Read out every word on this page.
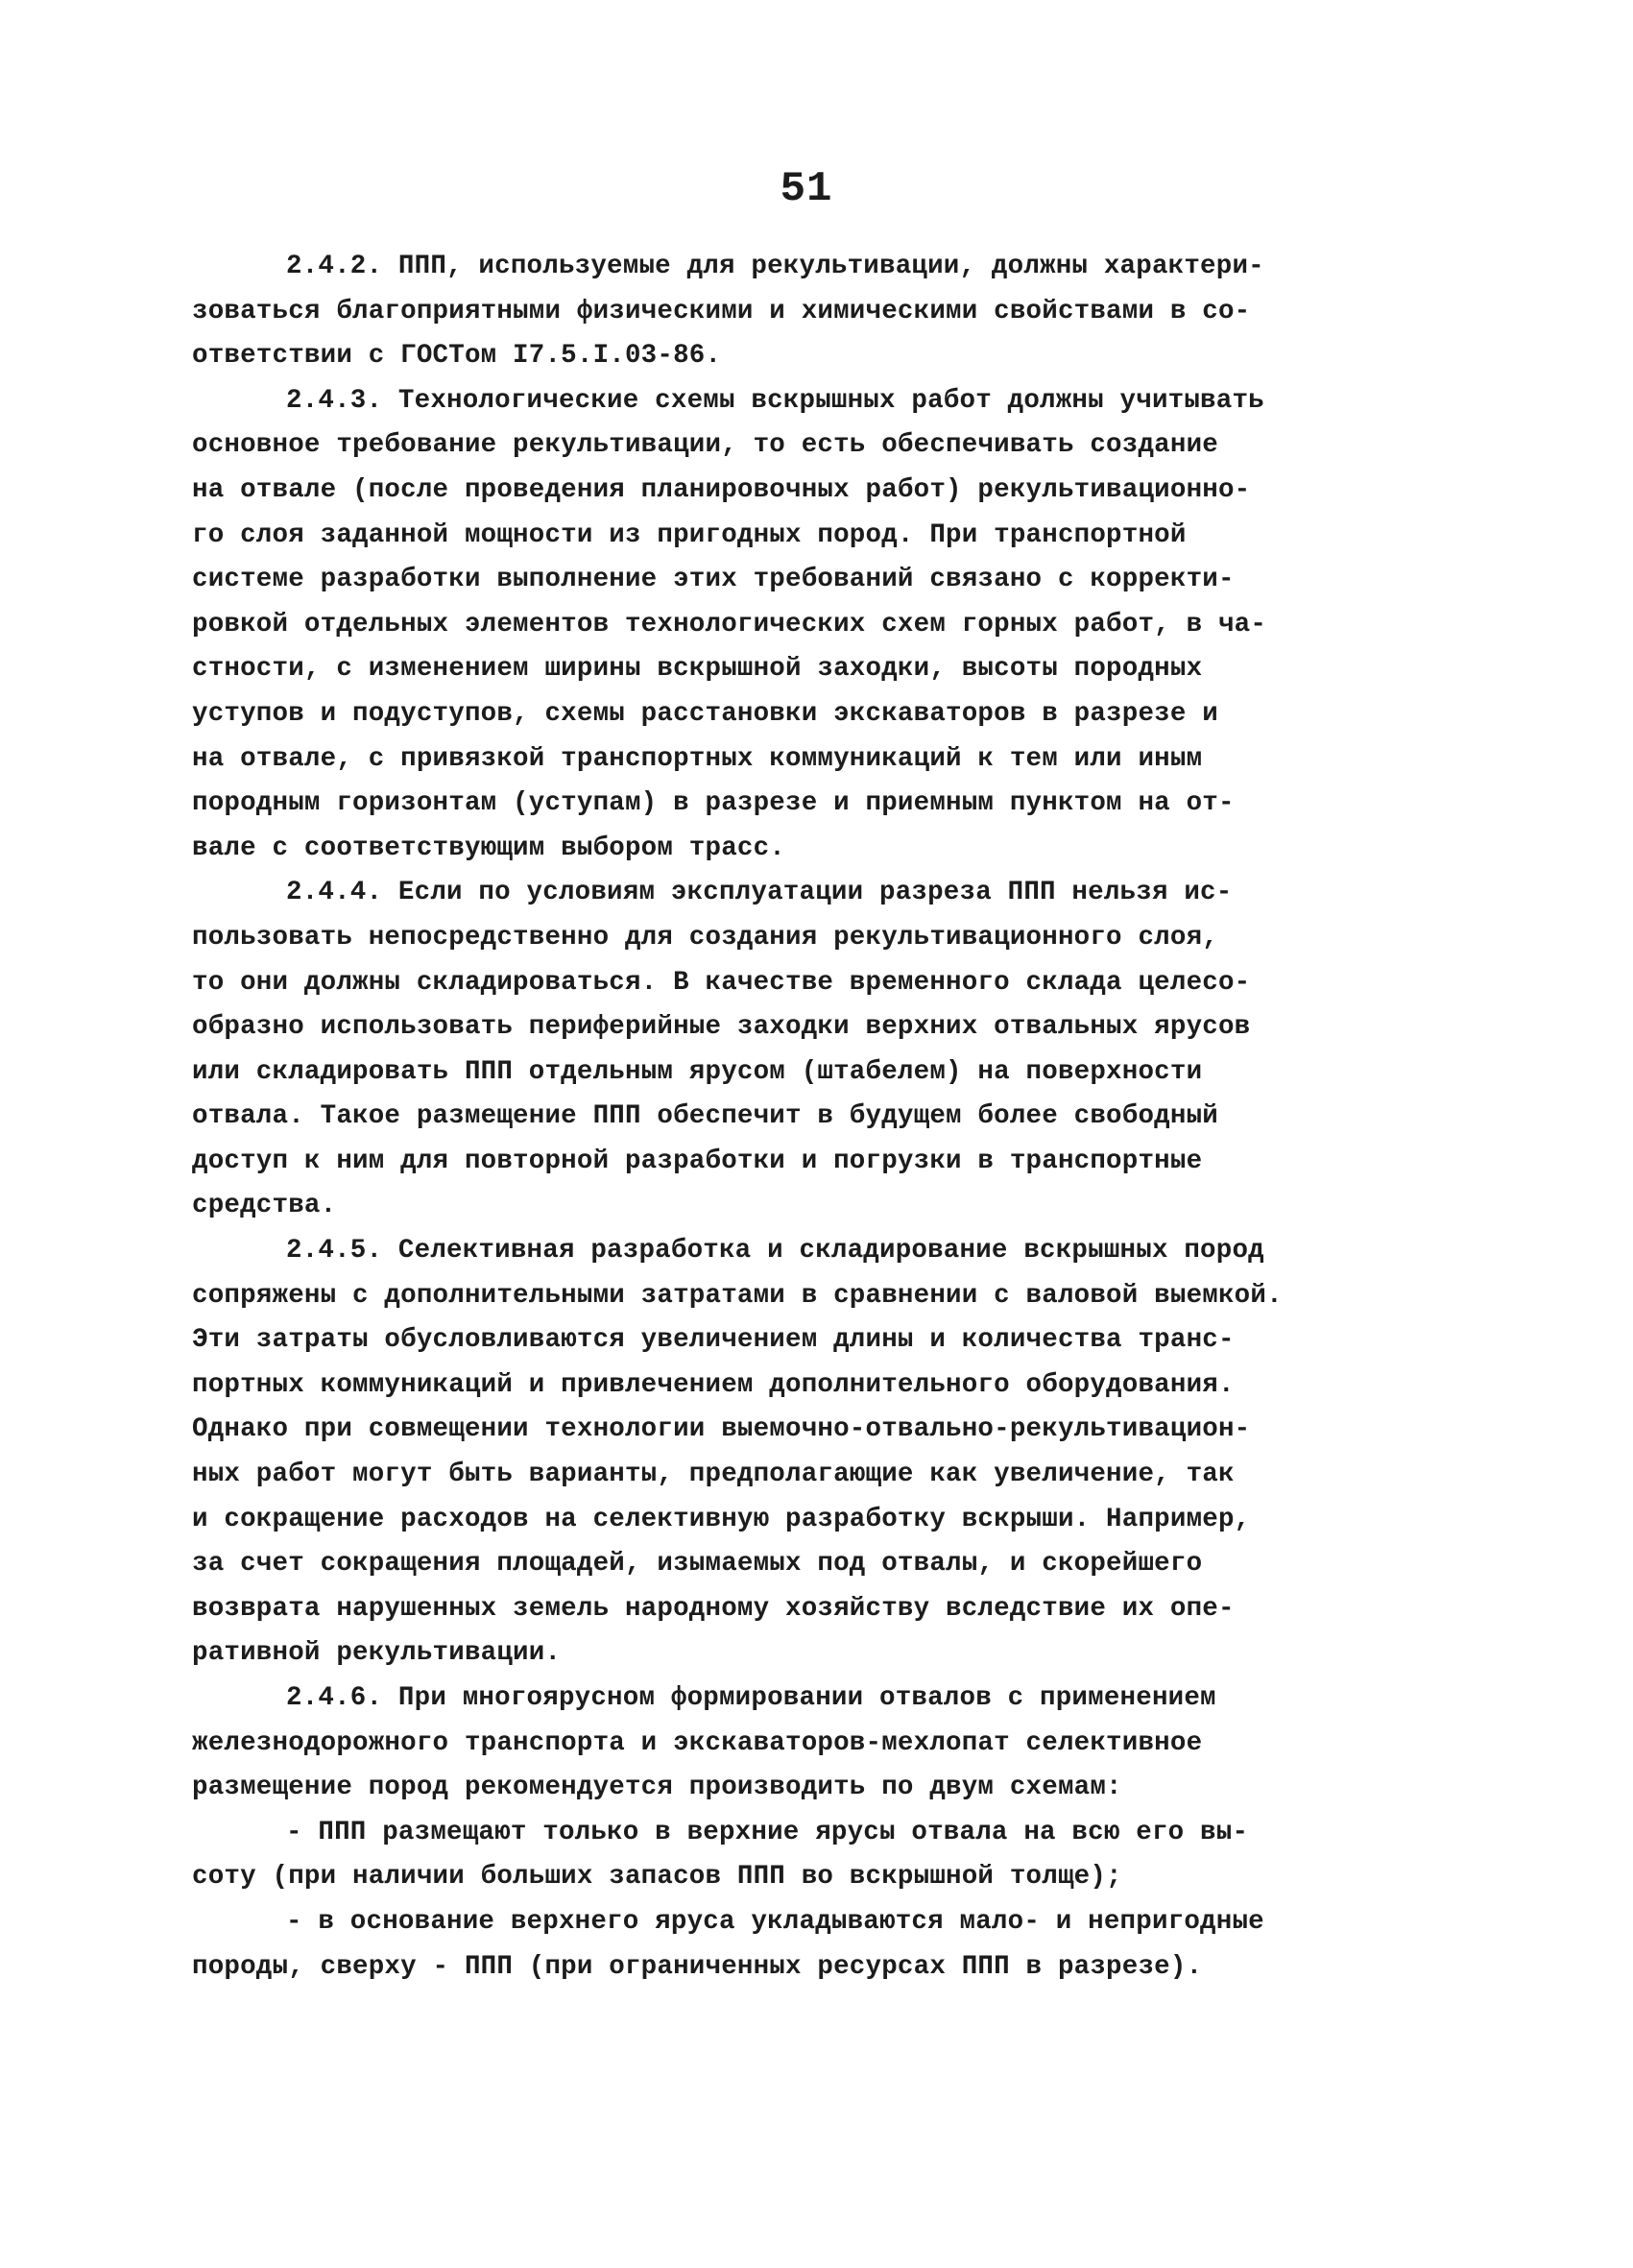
51
2.4.2. ППП, используемые для рекультивации, должны характери-
зоваться благоприятными физическими и химическими свойствами в со-
ответствии с ГОСТом I7.5.I.03-86.
2.4.3. Технологические схемы вскрышных работ должны учитывать
основное требование рекультивации, то есть обеспечивать создание
на отвале (после проведения планировочных работ) рекультивационно-
го слоя заданной мощности из пригодных пород. При транспортной
системе разработки выполнение этих требований связано с корректи-
ровкой отдельных элементов технологических схем горных работ, в ча-
стности, с изменением ширины вскрышной заходки, высоты породных
уступов и подуступов, схемы расстановки экскаваторов в разрезе и
на отвале, с привязкой транспортных коммуникаций к тем или иным
породным горизонтам (уступам) в разрезе и приемным пунктом на от-
вале с соответствующим выбором трасс.
2.4.4. Если по условиям эксплуатации разреза ППП нельзя ис-
пользовать непосредственно для создания рекультивационного слоя,
то они должны складироваться. В качестве временного склада целесо-
образно использовать периферийные заходки верхних отвальных ярусов
или складировать ППП отдельным ярусом (штабелем) на поверхности
отвала. Такое размещение ППП обеспечит в будущем более свободный
доступ к ним для повторной разработки и погрузки в транспортные
средства.
2.4.5. Селективная разработка и складирование вскрышных пород
сопряжены с дополнительными затратами в сравнении с валовой выемкой.
Эти затраты обусловливаются увеличением длины и количества транс-
портных коммуникаций и привлечением дополнительного оборудования.
Однако при совмещении технологии выемочно-отвально-рекультивацион-
ных работ могут быть варианты, предполагающие как увеличение, так
и сокращение расходов на селективную разработку вскрыши. Например,
за счет сокращения площадей, изымаемых под отвалы, и скорейшего
возврата нарушенных земель народному хозяйству вследствие их опе-
ративной рекультивации.
2.4.6. При многоярусном формировании отвалов с применением
железнодорожного транспорта и экскаваторов-мехлопат селективное
размещение пород рекомендуется производить по двум схемам:
- ППП размещают только в верхние ярусы отвала на всю его вы-
соту (при наличии больших запасов ППП во вскрышной толще);
- в основание верхнего яруса укладываются мало- и непригодные
породы, сверху - ППП (при ограниченных ресурсах ППП в разрезе).
